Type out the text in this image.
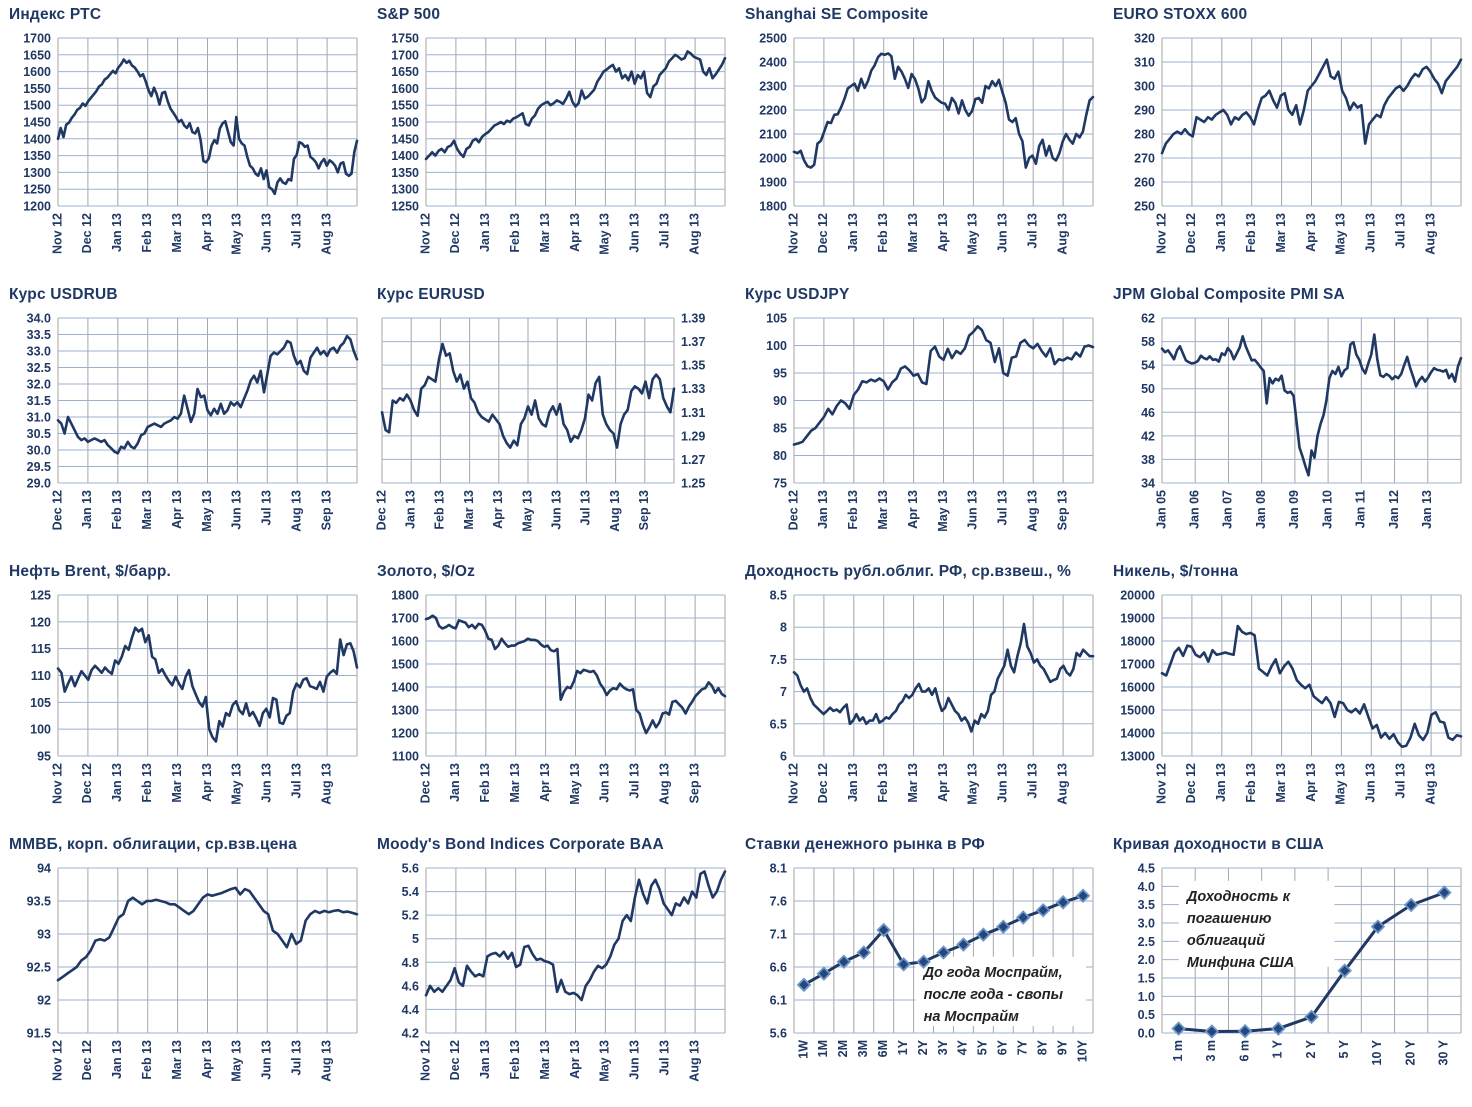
Индекс РТС
1700
1650
1600
1550
1500
1450
1400
1350
1300
1250
1200
Nov 12 Dec 12 Jan 13 Feb 13 Mar 13 Apr 13 May 13 Jun 13 Jul 13 Aug 13
S&P 500
1750
1700
1650
1600
1550
1500
1450
1400
1350
1300
1250
Nov 12 Dec 12 Jan 13 Feb 13 Mar 13 Apr 13 May 13 Jun 13 Jul 13 Aug 13
Shanghai SE Composite
2500
2400
2300
2200
2100
2000
1900
1800
Nov 12 Dec 12 Jan 13 Feb 13 Mar 13 Apr 13 May 13 Jun 13 Jul 13 Aug 13
EURO STOXX 600
320
310
300
290
280
270
260
250
Nov 12 Dec 12 Jan 13 Feb 13 Mar 13 Apr 13 May 13 Jun 13 Jul 13 Aug 13
Курс USDRUB
34.0
33.5
33.0
32.5
32.0
31.5
31.0
30.5
30.0
29.5
29.0
Dec 12 Jan 13 Feb 13 Mar 13 Apr 13 May 13 Jun 13 Jul 13 Aug 13 Sep 13
Курс EURUSD
1.39
1.37
1.35
1.33
1.31
1.29
1.27
1.25
Dec 12 Jan 13 Feb 13 Mar 13 Apr 13 May 13 Jun 13 Jul 13 Aug 13 Sep 13
Курс USDJPY
105
100
95
90
85
80
75
Dec 12 Jan 13 Feb 13 Mar 13 Apr 13 May 13 Jun 13 Jul 13 Aug 13 Sep 13
JPM Global Composite PMI SA
62
58
54
50
46
42
38
34
Jan 05 Jan 06 Jan 07 Jan 08 Jan 09 Jan 10 Jan 11 Jan 12 Jan 13
Нефть Brent, $/барр.
125
120
115
110
105
100
95
Nov 12 Dec 12 Jan 13 Feb 13 Mar 13 Apr 13 May 13 Jun 13 Jul 13 Aug 13
Золото, $/Oz
1800
1700
1600
1500
1400
1300
1200
1100
Dec 12 Jan 13 Feb 13 Mar 13 Apr 13 May 13 Jun 13 Jul 13 Aug 13 Sep 13
Доходность рубл.облиг. РФ, ср.взвеш., %
8.5
8
7.5
7
6.5
6
Nov 12 Dec 12 Jan 13 Feb 13 Mar 13 Apr 13 May 13 Jun 13 Jul 13 Aug 13
Никель, $/тонна
20000
19000
18000
17000
16000
15000
14000
13000
Nov 12 Dec 12 Jan 13 Feb 13 Mar 13 Apr 13 May 13 Jun 13 Jul 13 Aug 13
ММВБ, корп. облигации, ср.взв.цена
94
93.5
93
92.5
92
91.5
Nov 12 Dec 12 Jan 13 Feb 13 Mar 13 Apr 13 May 13 Jun 13 Jul 13 Aug 13
Moody's Bond Indices Corporate BAA
5.6
5.4
5.2
5
4.8
4.6
4.4
4.2
Nov 12 Dec 12 Jan 13 Feb 13 Mar 13 Apr 13 May 13 Jun 13 Jul 13 Aug 13
Ставки денежного рынка в РФ
8.1
7.6
7.1
6.6
6.1
5.6
1W 1M 2M 3M 6M 1Y 2Y 3Y 4Y 5Y 6Y 7Y 8Y 9Y 10Y
До года Моспрайм,
после года - свопы
на Моспрайм
Кривая доходности в США
4.5
4.0
3.5
3.0
2.5
2.0
1.5
1.0
0.5
0.0
1 m 3 m 6 m 1 Y 2 Y 5 Y 10 Y 20 Y 30 Y
Доходность к
погашению
облигаций
Минфина США
